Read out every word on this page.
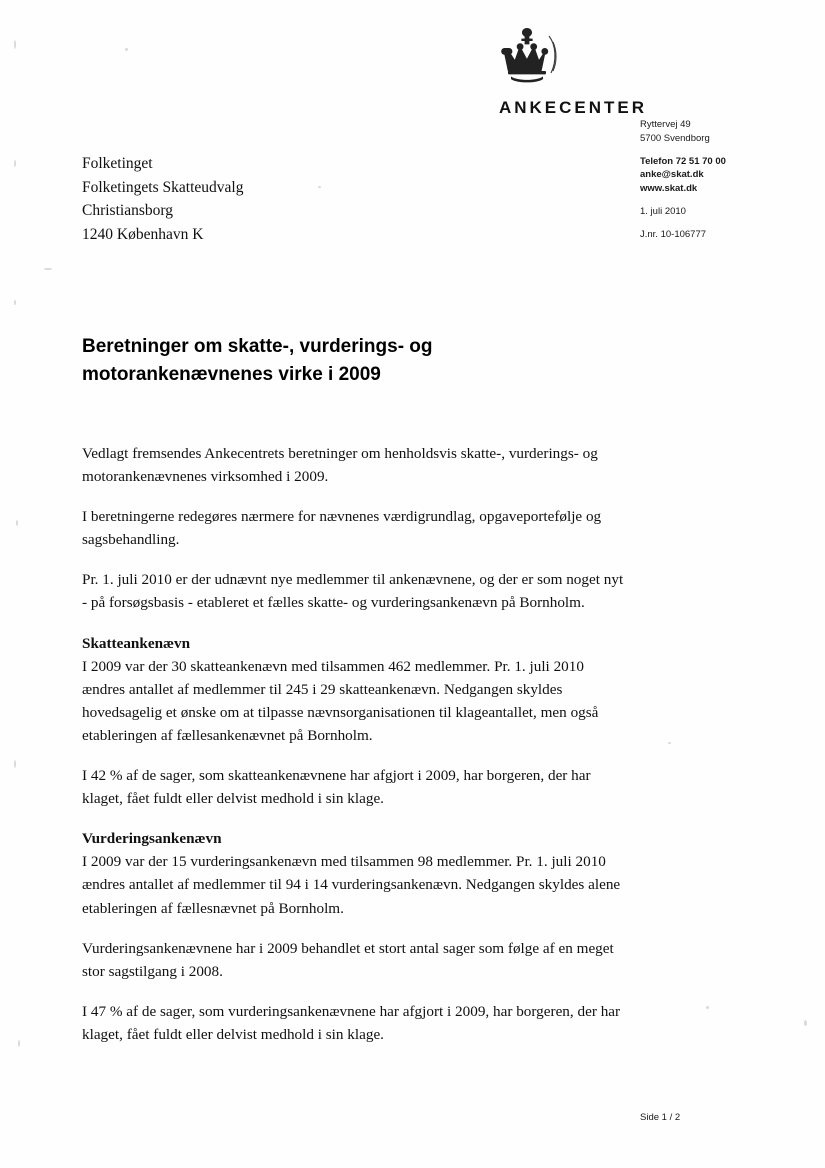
ANKECENTER
Ryttervej 49
5700 Svendborg
Telefon 72 51 70 00
anke@skat.dk
www.skat.dk
1. juli 2010
J.nr. 10-106777
Folketinget
Folketingets Skatteudvalg
Christiansborg
1240 København K
Beretninger om skatte-, vurderings- og motorankenævnenes virke i 2009

Vedlagt fremsendes Ankecentrets beretninger om henholdsvis skatte-, vurderings- og motorankenævnenes virksomhed i 2009.

I beretningerne redegøres nærmere for nævnenes værdigrundlag, opgaveportefølje og sagsbehandling.

Pr. 1. juli 2010 er der udnævnt nye medlemmer til ankenævnene, og der er som noget nyt - på forsøgsbasis - etableret et fælles skatte- og vurderingsankenævn på Bornholm.

Skatteankenævn

I 2009 var der 30 skatteankenævn med tilsammen 462 medlemmer. Pr. 1. juli 2010 ændres antallet af medlemmer til 245 i 29 skatteankenævn. Nedgangen skyldes hovedsagelig et ønske om at tilpasse nævnsorganisationen til klageantallet, men også etableringen af fællesankenævnet på Bornholm.

I 42 % af de sager, som skatteankenævnene har afgjort i 2009, har borgeren, der har klaget, fået fuldt eller delvist medhold i sin klage.

Vurderingsankenævn

I 2009 var der 15 vurderingsankenævn med tilsammen 98 medlemmer. Pr. 1. juli 2010 ændres antallet af medlemmer til 94 i 14 vurderingsankenævn. Nedgangen skyldes alene etableringen af fællesnævnet på Bornholm.

Vurderingsankenævnene har i 2009 behandlet et stort antal sager som følge af en meget stor sagstilgang i 2008.

I 47 % af de sager, som vurderingsankenævnene har afgjort i 2009, har borgeren, der har klaget, fået fuldt eller delvist medhold i sin klage.

Side 1 / 2
